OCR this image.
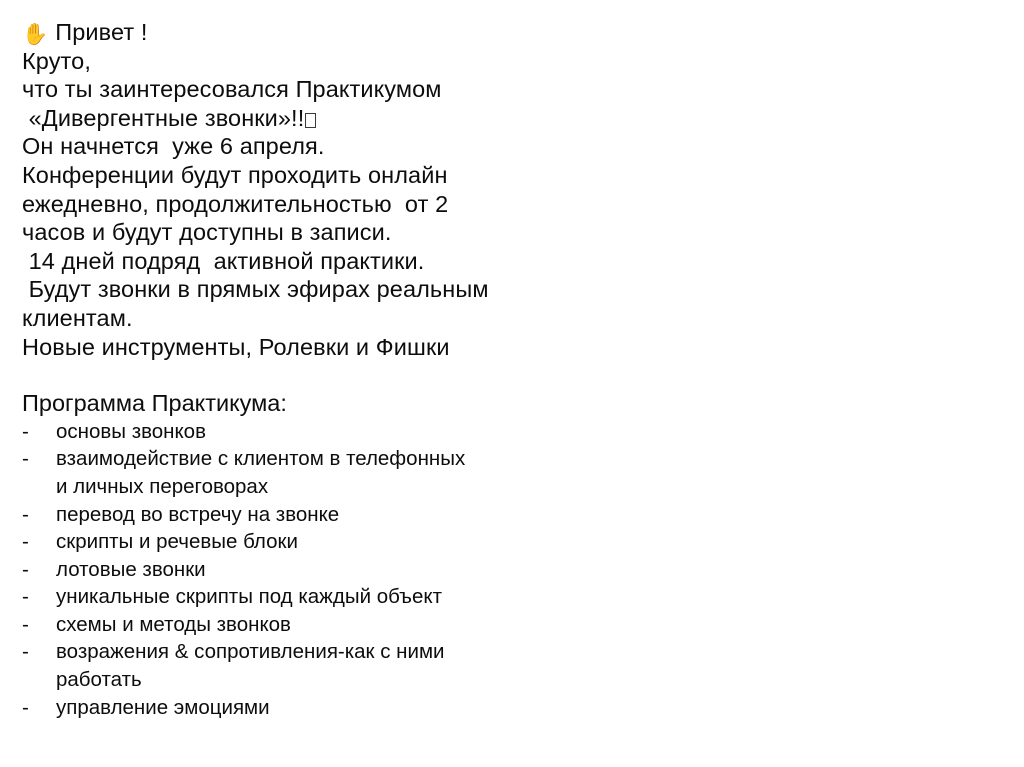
✋ Привет !
Круто,
что ты заинтересовался Практикумом
«Дивергентные звонки»!!
Он начнется  уже 6 апреля.
Конференции будут проходить онлайн
ежедневно, продолжительностью  от 2
часов и будут доступны в записи.
14 дней подряд  активной практики.
Будут звонки в прямых эфирах реальным
клиентам.
Новые инструменты, Ролевки и Фишки
Программа Практикума:
- основы звонков
- взаимодействие с клиентом в телефонных
и личных переговорах
- перевод во встречу на звонке
- скрипты и речевые блоки
- лотовые звонки
- уникальные скрипты под каждый объект
- схемы и методы звонков
- возражения & сопротивления-как с ними
работать
- управление эмоциями
